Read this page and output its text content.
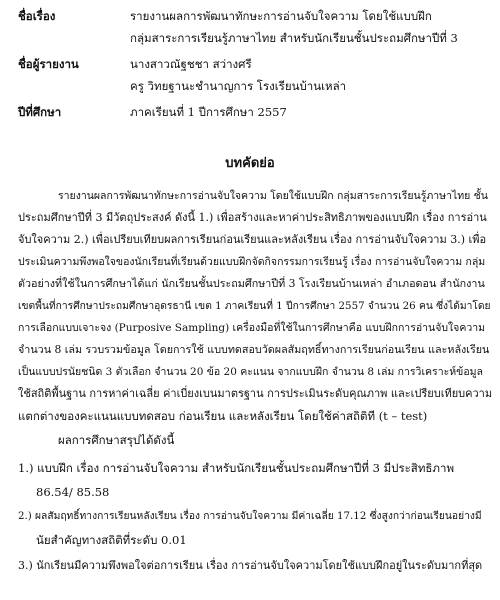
ชื่อเรื่อง	รายงานผลการพัฒนาทักษะการอ่านจับใจความ โดยใช้แบบฝึก
กลุ่มสาระการเรียนรู้ภาษาไทย สำหรับนักเรียนชั้นประถมศึกษาปีที่ 3
ชื่อผู้รายงาน	นางสาวณัฐชชา สว่างศรี
ครู วิทยฐานะชำนาญการ โรงเรียนบ้านเหล่า
ปีที่ศึกษา	ภาคเรียนที่ 1 ปีการศึกษา 2557
บทคัดย่อ
รายงานผลการพัฒนาทักษะการอ่านจับใจความ โดยใช้แบบฝึก กลุ่มสาระการเรียนรู้ภาษาไทย ชั้น
ประถมศึกษาปีที่ 3 มีวัตถุประสงค์ ดังนี้ 1.) เพื่อสร้างและหาค่าประสิทธิภาพของแบบฝึก เรื่อง การอ่าน
จับใจความ 2.) เพื่อเปรียบเทียบผลการเรียนก่อนเรียนและหลังเรียน เรื่อง การอ่านจับใจความ 3.) เพื่อ
ประเมินความพึงพอใจของนักเรียนที่เรียนด้วยแบบฝึกจัดกิจกรรมการเรียนรู้ เรื่อง การอ่านจับใจความ กลุ่ม
ตัวอย่างที่ใช้ในการศึกษาได้แก่ นักเรียนชั้นประถมศึกษาปีที่ 3 โรงเรียนบ้านเหล่า อำเภอดอน สำนักงาน
เขตพื้นที่การศึกษาประถมศึกษาอุดรธานี เขต 1 ภาคเรียนที่ 1 ปีการศึกษา 2557 จำนวน 26 คน ซึ่งได้มาโดย
การเลือกแบบเจาะจง (Purposive Sampling) เครื่องมือที่ใช้ในการศึกษาคือ แบบฝึกการอ่านจับใจความ
จำนวน 8 เล่ม รวบรวมข้อมูล โดยการใช้ แบบทดสอบวัดผลสัมฤทธิ์ทางการเรียนก่อนเรียน และหลังเรียน
เป็นแบบปรนัยชนิด 3 ตัวเลือก จำนวน 20 ข้อ 20 คะแนน จากแบบฝึก จำนวน 8 เล่ม การวิเคราะห์ข้อมูล
ใช้สถิติพื้นฐาน การหาค่าเฉลี่ย ค่าเบี่ยงเบนมาตรฐาน การประเมินระดับคุณภาพ และเปรียบเทียบความ
แตกต่างของคะแนนแบบทดสอบ ก่อนเรียน และหลังเรียน โดยใช้ค่าสถิติที (t – test)
ผลการศึกษาสรุปได้ดังนี้
1.) แบบฝึก เรื่อง การอ่านจับใจความ สำหรับนักเรียนชั้นประถมศึกษาปีที่ 3 มีประสิทธิภาพ
86.54/ 85.58
2.) ผลสัมฤทธิ์ทางการเรียนหลังเรียน เรื่อง การอ่านจับใจความ มีค่าเฉลี่ย 17.12 ซึ่งสูงกว่าก่อนเรียนอย่างมี
นัยสำคัญทางสถิติที่ระดับ 0.01
3.) นักเรียนมีความพึงพอใจต่อการเรียน เรื่อง การอ่านจับใจความโดยใช้แบบฝึกอยู่ในระดับมากที่สุด
